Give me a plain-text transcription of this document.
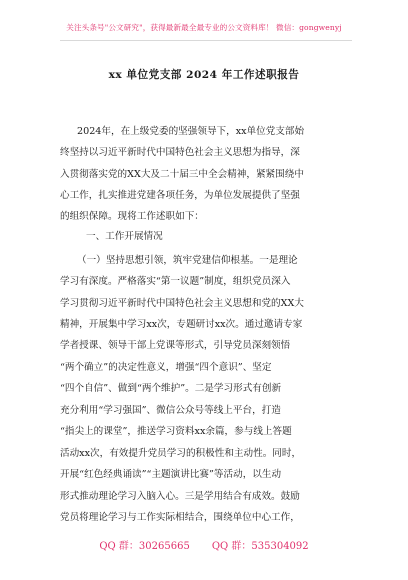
关注头条号"公文研究"，获得最新最全最专业的公文资料库！ 微信：gongwenyj
xx 单位党支部 2024 年工作述职报告
2024年，在上级党委的坚强领导下，xx单位党支部始
终坚持以习近平新时代中国特色社会主义思想为指导，深
入贯彻落实党的XX大及二十届三中全会精神，紧紧围绕中
心工作，扎实推进党建各项任务，为单位发展提供了坚强
的组织保障。现将工作述职如下：
一、工作开展情况
（一）坚持思想引领，筑牢党建信仰根基。一是理论
学习有深度。严格落实“第一议题”制度，组织党员深入
学习贯彻习近平新时代中国特色社会主义思想和党的XX大
精神，开展集中学习xx次，专题研讨xx次。通过邀请专家
学者授课、领导干部上党课等形式，引导党员深刻领悟
“两个确立”的决定性意义，增强“四个意识”、坚定
“四个自信”、做到“两个维护”。二是学习形式有创新
充分利用“学习强国”、微信公众号等线上平台，打造
“指尖上的课堂”，推送学习资料xx余篇，参与线上答题
活动xx次，有效提升党员学习的积极性和主动性。同时，
开展“红色经典诵读”“主题演讲比赛”等活动，以生动
形式推动理论学习入脑入心。三是学用结合有成效。鼓励
党员将理论学习与工作实际相结合，围绕单位中心工作，
QQ 群：30265665 QQ 群：535304092
